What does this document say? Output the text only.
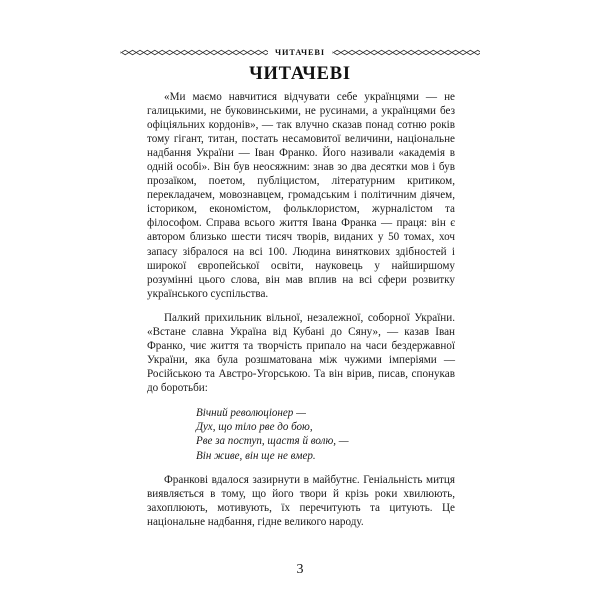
ЧИТАЧЕВІ
ЧИТАЧЕВІ

«Ми маємо навчитися відчувати себе українцями — не галицькими, не буковинськими, не русинами, а українцями без офіціяльних кордонів», — так влучно сказав понад сотню років тому гігант, титан, постать несамовитої величини, національне надбання України — Іван Франко. Його називали «академія в одній особі». Він був неосяжним: знав зо два десятки мов і був прозаїком, поетом, публіцистом, літературним критиком, перекладачем, мовознавцем, громадським і політичним діячем, істориком, економістом, фольклористом, журналістом та філософом. Справа всього життя Івана Франка — праця: він є автором близько шести тисяч творів, виданих у 50 томах, хоч запасу зібралося на всі 100. Людина виняткових здібностей і широкої європейської освіти, науковець у найширшому розумінні цього слова, він мав вплив на всі сфери розвитку українського суспільства.

Палкий прихильник вільної, незалежної, соборної України. «Встане славна Україна від Кубані до Сяну», — казав Іван Франко, чиє життя та творчість припало на часи бездержавної України, яка була розшматована між чужими імперіями — Російською та Австро-Угорською. Та він вірив, писав, спонукав до боротьби:

Вічний революціонер —
Дух, що тіло рве до бою,
Рве за поступ, щастя й волю, —
Він живе, він ще не вмер.

Франкові вдалося зазирнути в майбутнє. Геніальність митця виявляється в тому, що його твори й крізь роки хвилюють, захоплюють, мотивують, їх перечитують та цитують. Це національне надбання, гідне великого народу.

3
